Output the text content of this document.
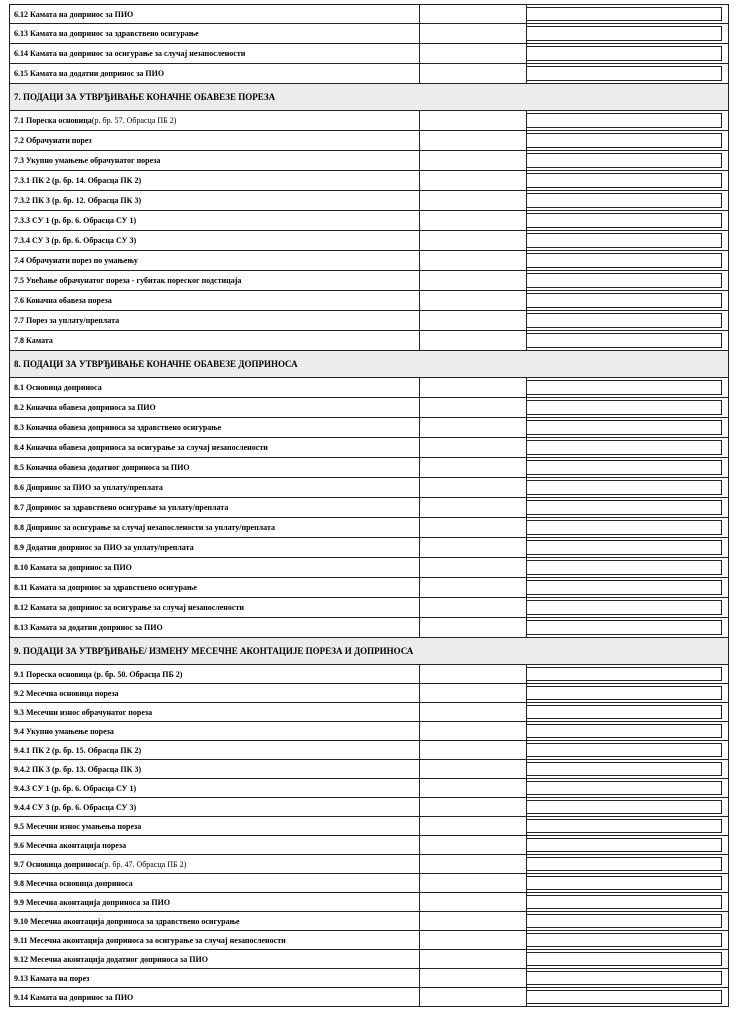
6.12 Камата на допринос за ПИО
6.13 Камата на допринос за здравствено осигурање
6.14 Камата на допринос за осигурање за случај незапослености
6.15 Камата на додатни допринос за ПИО
7. ПОДАЦИ ЗА УТВРЂИВАЊЕ КОНАЧНЕ ОБАВЕЗЕ ПОРЕЗА
7.1 Пореска основица (р. бр. 57. Обрасца ПБ 2)
7.2 Обрачунати порез
7.3 Укупно умањење обрачунатог пореза
7.3.1 ПК 2 (р. бр. 14. Обрасца ПК 2)
7.3.2 ПК 3 (р. бр. 12. Обрасца ПК 3)
7.3.3 СУ 1 (р. бр. 6. Обрасца СУ 1)
7.3.4 СУ 3 (р. бр. 6. Обрасца СУ 3)
7.4 Обрачунати порез по умањењу
7.5 Увећање обрачунатог пореза - губитак пореског подстицаја
7.6 Коначна обавеза пореза
7.7 Порез за уплату/преплата
7.8 Камата
8. ПОДАЦИ ЗА УТВРЂИВАЊЕ КОНАЧНЕ ОБАВЕЗЕ ДОПРИНОСА
8.1 Основица доприноса
8.2 Коначна обавеза доприноса за ПИО
8.3 Коначна обавеза доприноса за здравствено осигурање
8.4 Коначна обавеза доприноса за осигурање за случај незапослености
8.5 Коначна обавеза додатног доприноса за ПИО
8.6 Допринос за ПИО за уплату/преплата
8.7 Допринос за здравствено осигурање за уплату/преплата
8.8 Допринос за осигурање за случај незапослености за уплату/преплата
8.9 Додатни допринос за ПИО за уплату/преплата
8.10 Камата за допринос за ПИО
8.11 Камата за допринос за здравствено осигурање
8.12 Камата за допринос за осигурање за случај незапослености
8.13 Камата за додатни допринос за ПИО
9. ПОДАЦИ ЗА УТВРЂИВАЊЕ/ ИЗМЕНУ МЕСЕЧНЕ АКОНТАЦИЈЕ ПОРЕЗА И ДОПРИНОСА
9.1 Пореска основица (р. бр. 50. Обрасца ПБ 2)
9.2 Месечна основица пореза
9.3 Месечни износ обрачунатог пореза
9.4 Укупно умањење пореза
9.4.1 ПК 2 (р. бр. 15. Обрасца ПК 2)
9.4.2 ПК 3 (р. бр. 13. Обрасца ПК 3)
9.4.3 СУ 1 (р. бр. 6. Обрасца СУ 1)
9.4.4 СУ 3 (р. бр. 6. Обрасца СУ 3)
9.5 Месечни износ умањења пореза
9.6 Месечна аконтација пореза
9.7 Основица доприноса (р. бр. 47. Обрасца ПБ 2)
9.8 Месечна основица доприноса
9.9 Месечна аконтација доприноса за ПИО
9.10 Месечна аконтација доприноса за здравствено осигурање
9.11 Месечна аконтација доприноса за осигурање за случај незапослености
9.12 Месечна аконтација додатног доприноса за ПИО
9.13 Камата на порез
9.14 Камата на допринос за ПИО
